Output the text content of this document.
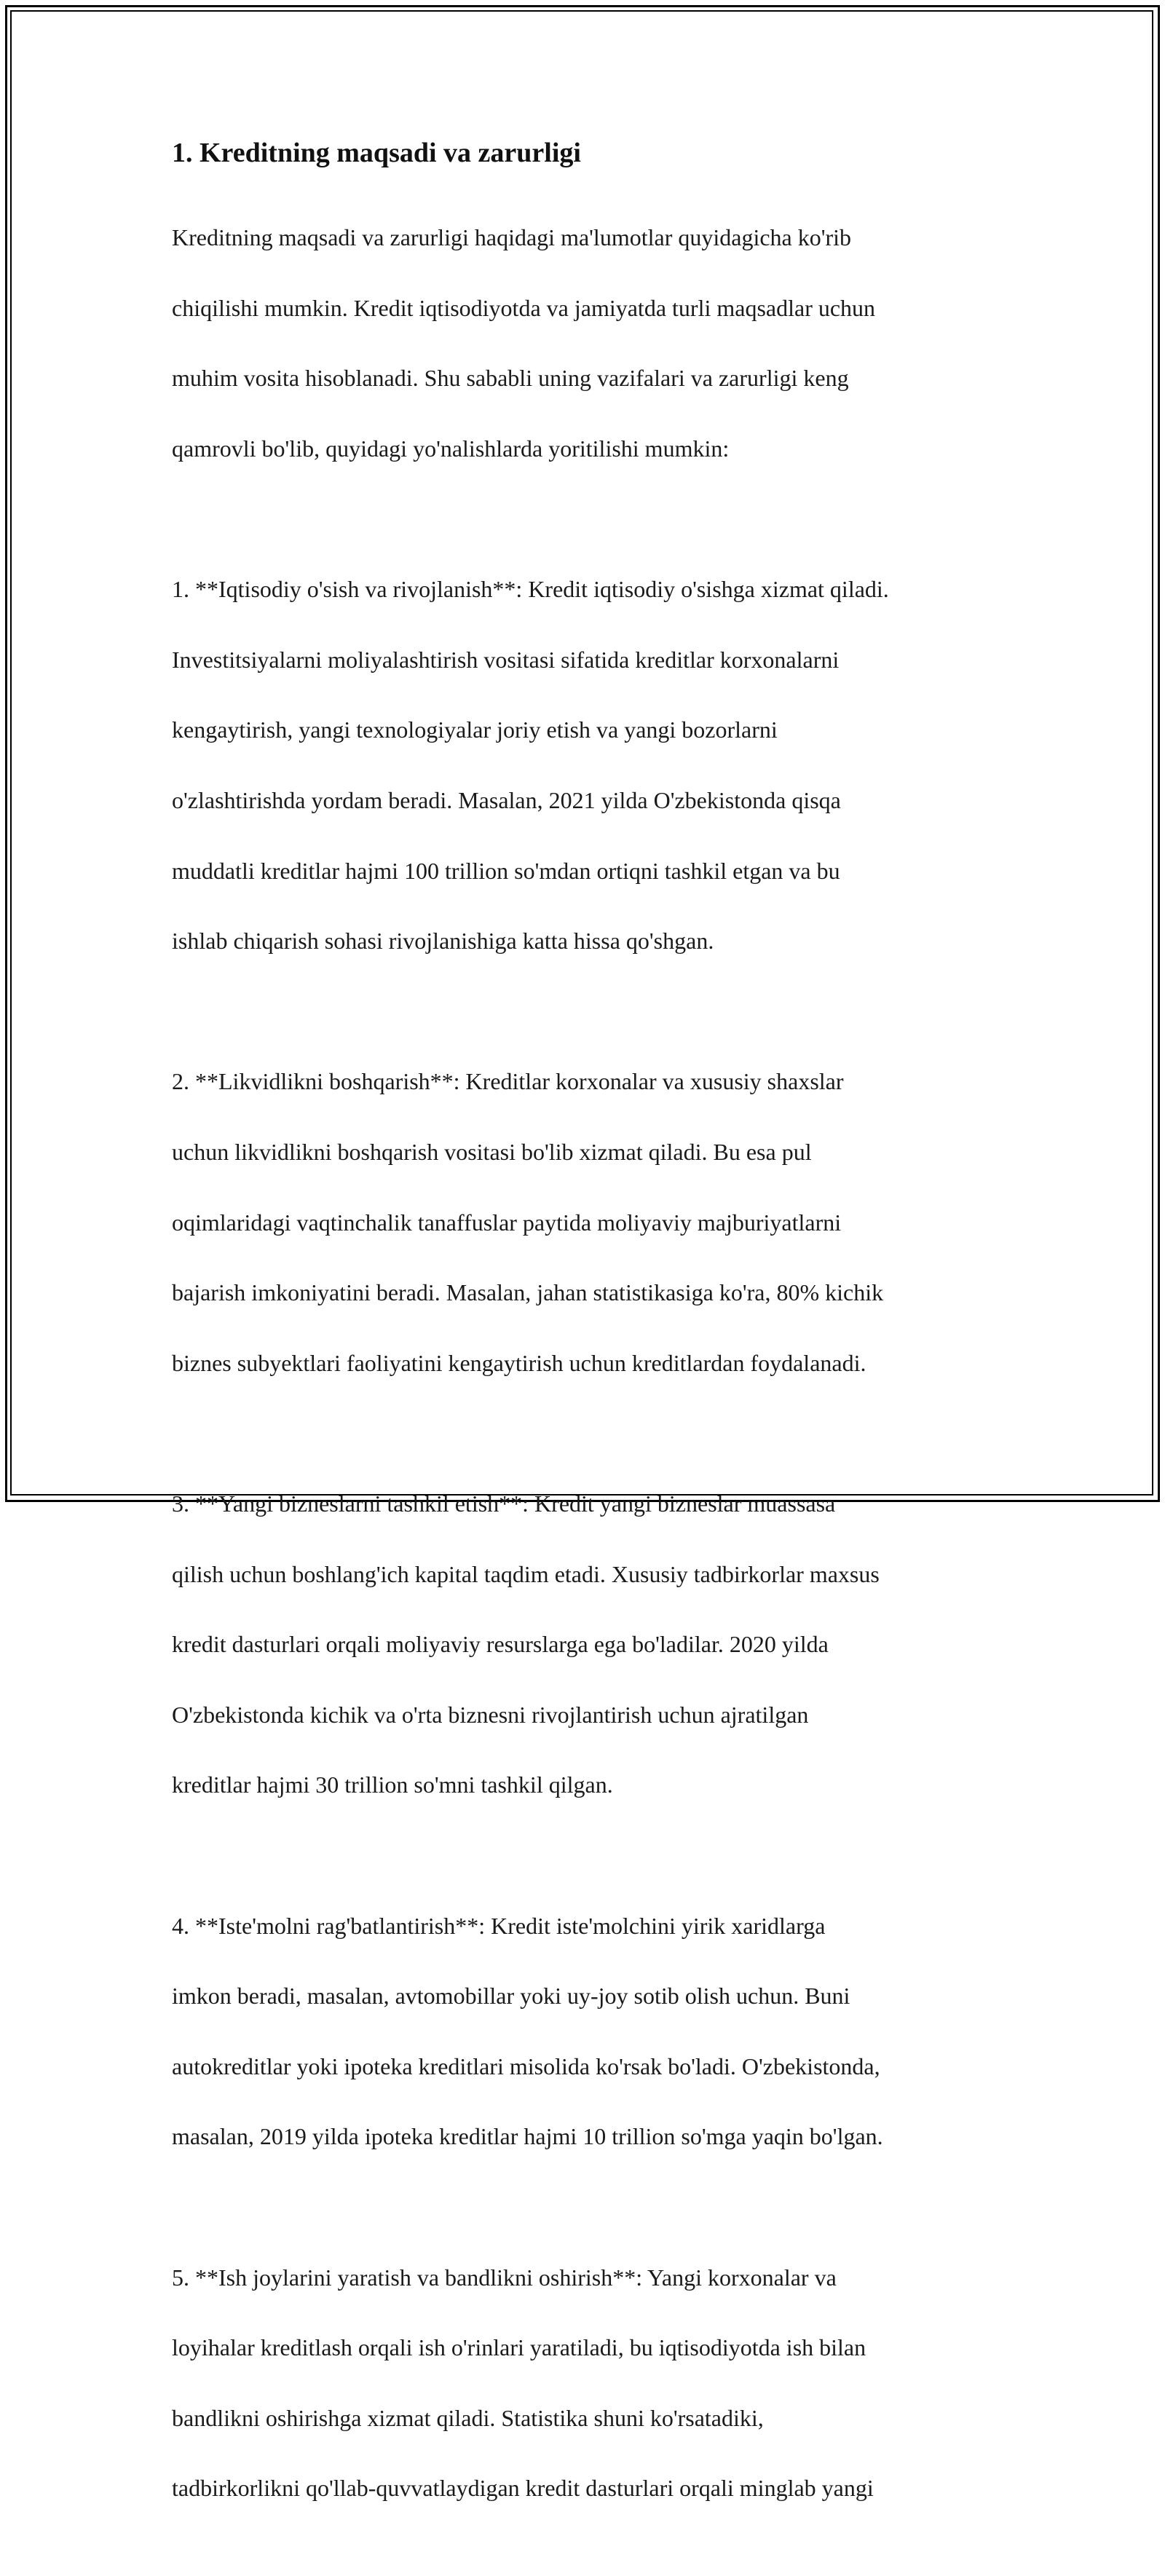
1. Kreditning maqsadi va zarurligi

Kreditning maqsadi va zarurligi haqidagi ma'lumotlar quyidagicha ko'rib

chiqilishi mumkin. Kredit iqtisodiyotda va jamiyatda turli maqsadlar uchun

muhim vosita hisoblanadi. Shu sababli uning vazifalari va zarurligi keng

qamrovli bo'lib, quyidagi yo'nalishlarda yoritilishi mumkin:

1. **Iqtisodiy o'sish va rivojlanish**: Kredit iqtisodiy o'sishga xizmat qiladi.

Investitsiyalarni moliyalashtirish vositasi sifatida kreditlar korxonalarni

kengaytirish, yangi texnologiyalar joriy etish va yangi bozorlarni

o'zlashtirishda yordam beradi. Masalan, 2021 yilda O'zbekistonda qisqa

muddatli kreditlar hajmi 100 trillion so'mdan ortiqni tashkil etgan va bu

ishlab chiqarish sohasi rivojlanishiga katta hissa qo'shgan.

2. **Likvidlikni boshqarish**: Kreditlar korxonalar va xususiy shaxslar

uchun likvidlikni boshqarish vositasi bo'lib xizmat qiladi. Bu esa pul

oqimlaridagi vaqtinchalik tanaffuslar paytida moliyaviy majburiyatlarni

bajarish imkoniyatini beradi. Masalan, jahan statistikasiga ko'ra, 80% kichik

biznes subyektlari faoliyatini kengaytirish uchun kreditlardan foydalanadi.

3. **Yangi bizneslarni tashkil etish**: Kredit yangi bizneslar muassasa

qilish uchun boshlang'ich kapital taqdim etadi. Xususiy tadbirkorlar maxsus

kredit dasturlari orqali moliyaviy resurslarga ega bo'ladilar. 2020 yilda

O'zbekistonda kichik va o'rta biznesni rivojlantirish uchun ajratilgan

kreditlar hajmi 30 trillion so'mni tashkil qilgan.

4. **Iste'molni rag'batlantirish**: Kredit iste'molchini yirik xaridlarga

imkon beradi, masalan, avtomobillar yoki uy-joy sotib olish uchun. Buni

autokreditlar yoki ipoteka kreditlari misolida ko'rsak bo'ladi. O'zbekistonda,

masalan, 2019 yilda ipoteka kreditlar hajmi 10 trillion so'mga yaqin bo'lgan.

5. **Ish joylarini yaratish va bandlikni oshirish**: Yangi korxonalar va

loyihalar kreditlash orqali ish o'rinlari yaratiladi, bu iqtisodiyotda ish bilan

bandlikni oshirishga xizmat qiladi. Statistika shuni ko'rsatadiki,

tadbirkorlikni qo'llab-quvvatlaydigan kredit dasturlari orqali minglab yangi
